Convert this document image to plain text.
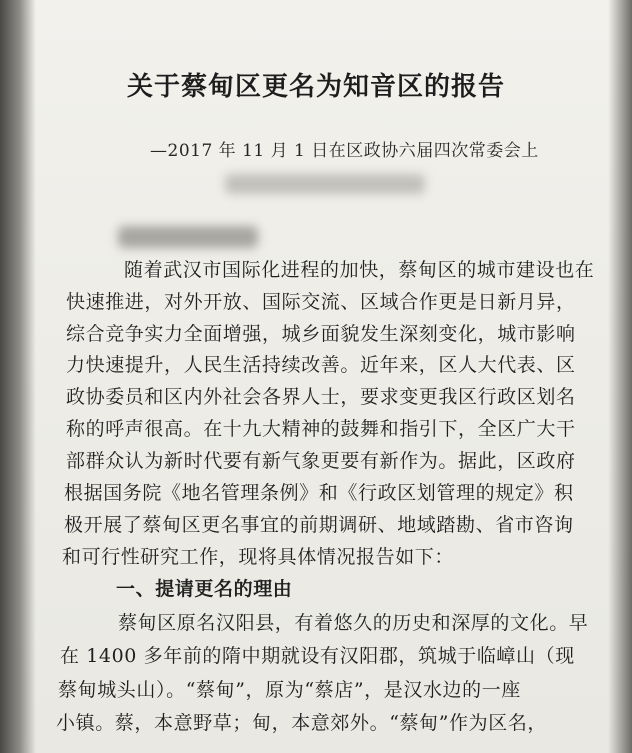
关于蔡甸区更名为知音区的报告
—2017 年 11 月 1 日在区政协六届四次常委会上
随着武汉市国际化进程的加快，蔡甸区的城市建设也在
快速推进，对外开放、国际交流、区域合作更是日新月异，
综合竞争实力全面增强，城乡面貌发生深刻变化，城市影响
力快速提升，人民生活持续改善。近年来，区人大代表、区
政协委员和区内外社会各界人士，要求变更我区行政区划名
称的呼声很高。在十九大精神的鼓舞和指引下，全区广大干
部群众认为新时代要有新气象更要有新作为。据此，区政府
根据国务院《地名管理条例》和《行政区划管理的规定》积
极开展了蔡甸区更名事宜的前期调研、地域踏勘、省市咨询
和可行性研究工作，现将具体情况报告如下：
一、提请更名的理由
蔡甸区原名汉阳县，有着悠久的历史和深厚的文化。早
在 1400 多年前的隋中期就设有汉阳郡，筑城于临嶂山（现
蔡甸城头山）。“蔡甸”，原为“蔡店”，是汉水边的一座
小镇。蔡，本意野草；甸，本意郊外。“蔡甸”作为区名，
